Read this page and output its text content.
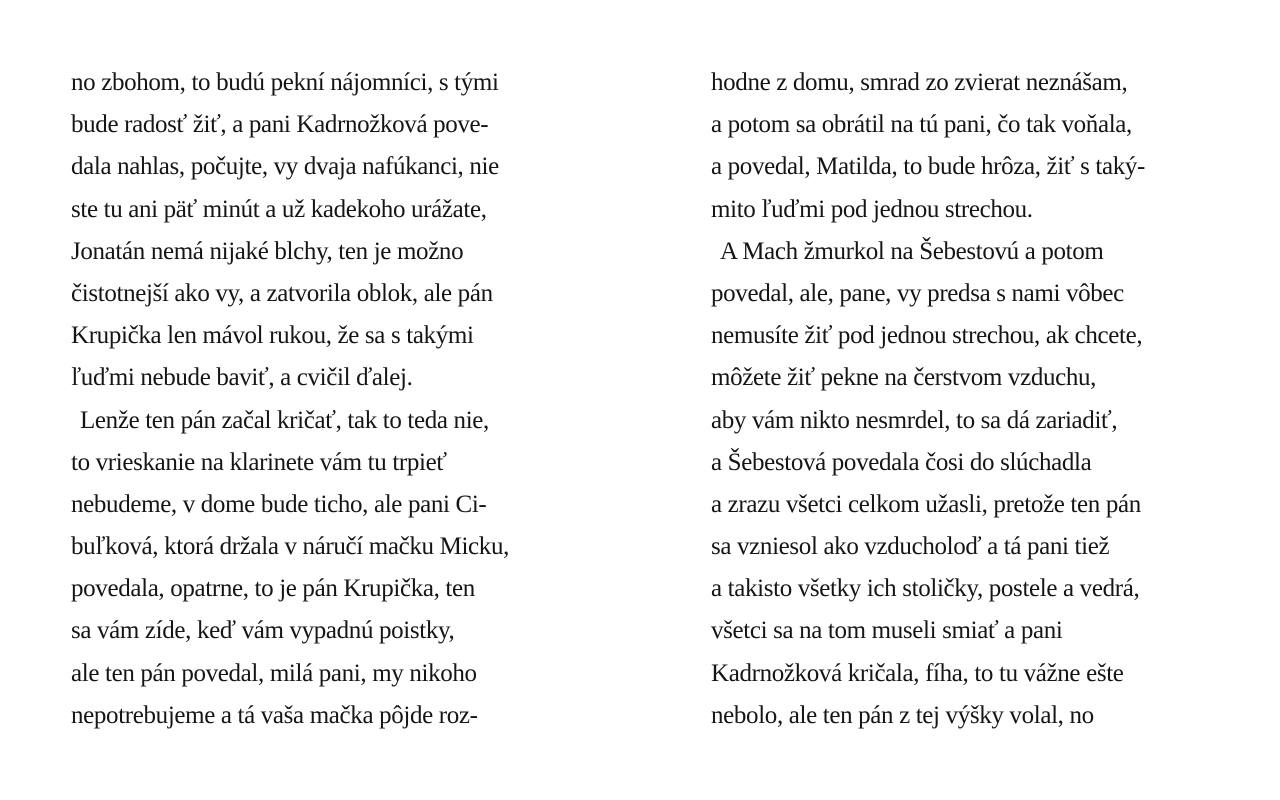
no zbohom, to budú pekní nájomníci, s tými
bude radosť žiť, a pani Kadrnožková pove-
dala nahlas, počujte, vy dvaja nafúkanci, nie
ste tu ani päť minút a už kadekoho urážate,
Jonatán nemá nijaké blchy, ten je možno
čistotnejší ako vy, a zatvorila oblok, ale pán
Krupička len mávol rukou, že sa s takými
ľuďmi nebude baviť, a cvičil ďalej.
Lenže ten pán začal kričať, tak to teda nie,
to vrieskanie na klarinete vám tu trpieť
nebudeme, v dome bude ticho, ale pani Ci-
buľková, ktorá držala v náručí mačku Micku,
povedala, opatrne, to je pán Krupička, ten
sa vám zíde, keď vám vypadnú poistky,
ale ten pán povedal, milá pani, my nikoho
nepotrebujeme a tá vaša mačka pôjde roz-
hodne z domu, smrad zo zvierat neznášam,
a potom sa obrátil na tú pani, čo tak voňala,
a povedal, Matilda, to bude hrôza, žiť s taký-
mito ľuďmi pod jednou strechou.
A Mach žmurkol na Šebestovú a potom
povedal, ale, pane, vy predsa s nami vôbec
nemusíte žiť pod jednou strechou, ak chcete,
môžete žiť pekne na čerstvom vzduchu,
aby vám nikto nesmrdel, to sa dá zariadiť,
a Šebestová povedala čosi do slúchadla
a zrazu všetci celkom užasli, pretože ten pán
sa vzniesol ako vzducholoď a tá pani tiež
a takisto všetky ich stoličky, postele a vedrá,
všetci sa na tom museli smiať a pani
Kadrnožková kričala, fíha, to tu vážne ešte
nebolo, ale ten pán z tej výšky volal, no
